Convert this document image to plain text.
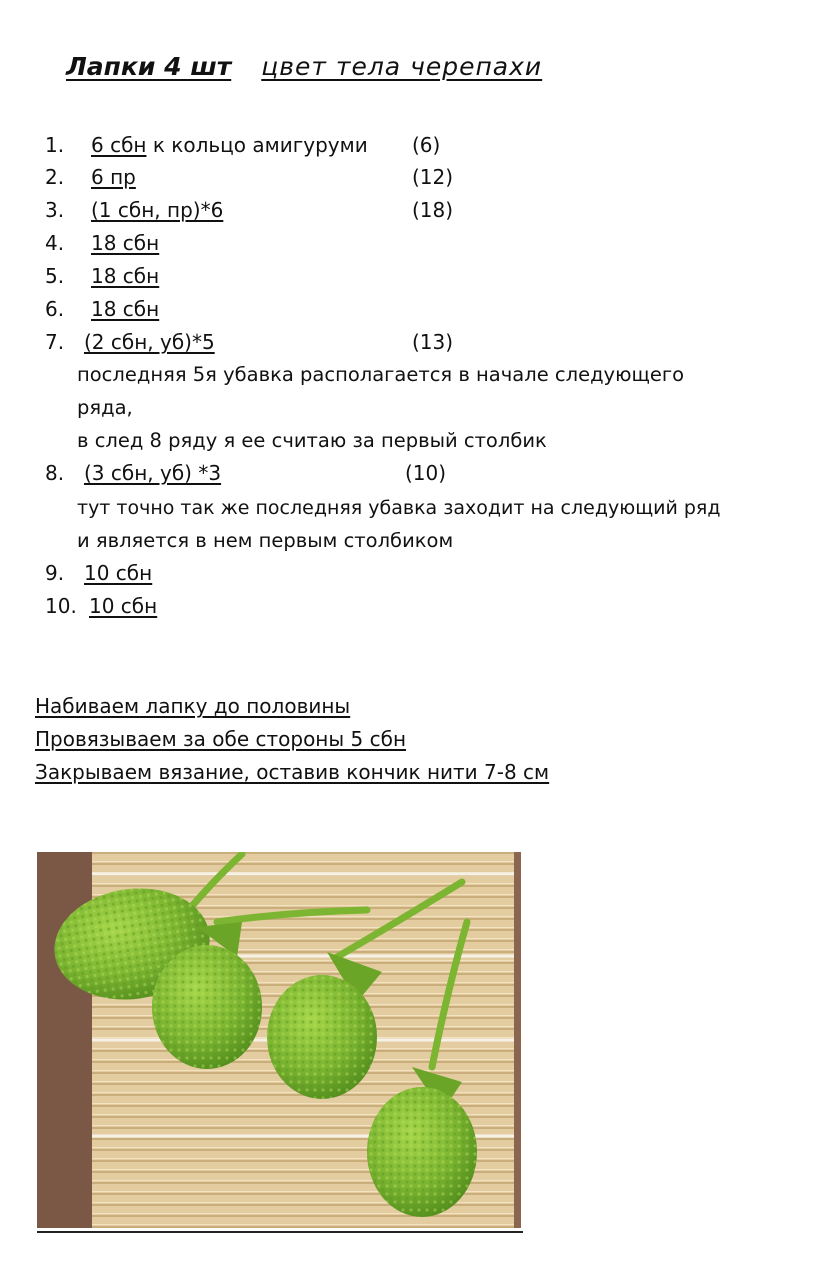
Лапки 4 шт цвет тела черепахи
1. 6 сбн к кольцо амигуруми (6)
2. 6 пр	(12)
3. (1 сбн, пр)*6	(18)
4. 18 сбн
5. 18 сбн
6. 18 сбн
7. (2 сбн, уб)*5	(13)
последняя 5я убавка располагается в начале следующего
ряда,
в след 8 ряду я ее считаю за первый столбик
8. (3 сбн, уб) *3	(10)
тут точно так же последняя убавка заходит на следующий ряд
и является в нем первым столбиком
9. 10 сбн
10. 10 сбн
Набиваем лапку до половины
Провязываем за обе стороны 5 сбн
Закрываем вязание, оставив кончик нити 7-8 см
